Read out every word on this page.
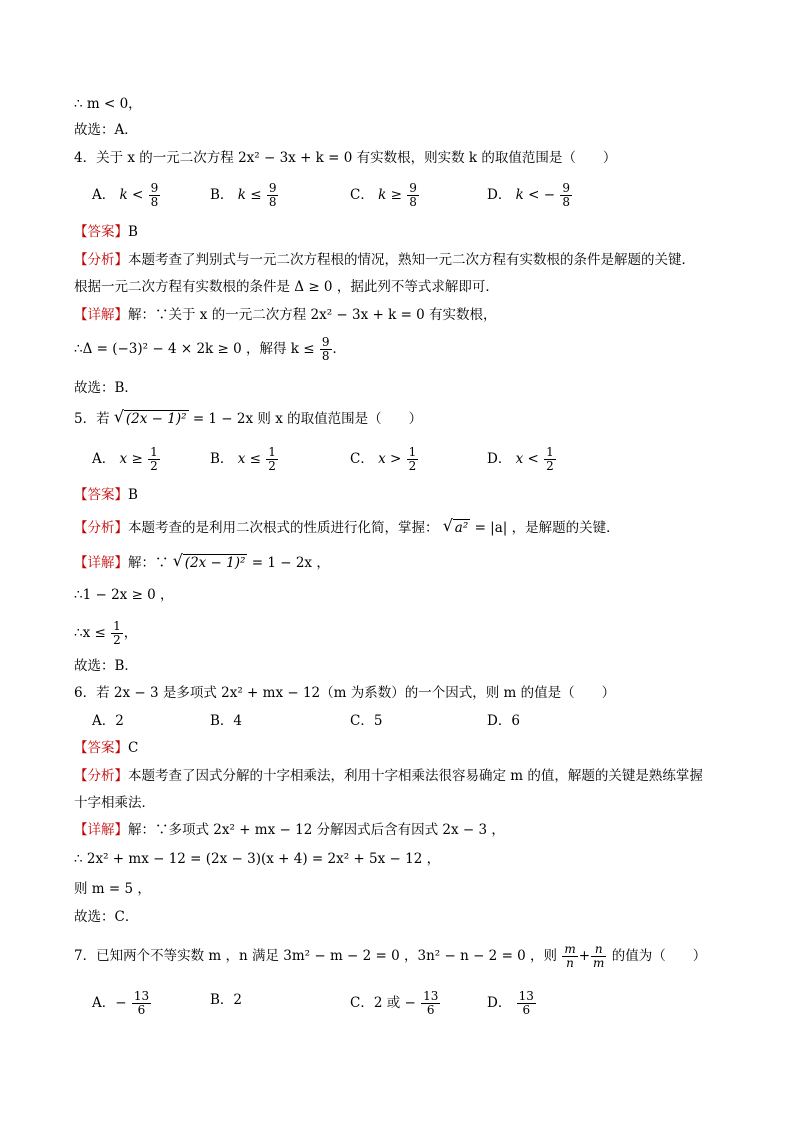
∴ m < 0，
故选：A．
4．关于 x 的一元二次方程 2x² − 3x + k = 0 有实数根，则实数 k 的取值范围是（　　）
A． $k < \frac{9}{8}$	B． $k \le \frac{9}{8}$	C． $k \ge \frac{9}{8}$	D． k < − $\frac{9}{8}$
【答案】B
【分析】本题考查了判别式与一元二次方程根的情况，熟知一元二次方程有实数根的条件是解题的关键．
根据一元二次方程有实数根的条件是 Δ ≥ 0 ，据此列不等式求解即可．
【详解】解：∵关于 x 的一元二次方程 2x² − 3x + k = 0 有实数根，
∴Δ = (−3)² − 4 × 2k ≥ 0 ，解得 $k \le \frac{9}{8}$ ．
故选：B．
5．若 √ (2x − 1)² = 1 − 2x 则 x 的取值范围是（　　）
A． $x \ge \frac{1}{2}$	B． $x \le \frac{1}{2}$	C． $x > \frac{1}{2}$	D． $x < \frac{1}{2}$
【答案】B
【分析】本题考查的是利用二次根式的性质进行化简，掌握： √ a² = |a| ，是解题的关键．
【详解】解：∵ √ (2x − 1)² = 1 − 2x ，
∴1 − 2x ≥ 0 ，
∴x ≤ $\frac{1}{2}$ ，
故选：B．
6．若 2x − 3 是多项式 2x² + mx − 12（m 为系数）的一个因式，则 m 的值是（　　）
A．2	B．4	C．5	D．6
【答案】C
【分析】本题考查了因式分解的十字相乘法，利用十字相乘法很容易确定 m 的值，解题的关键是熟练掌握
十字相乘法．
【详解】解：∵多项式 2x² + mx − 12 分解因式后含有因式 2x − 3 ，
∴ 2x² + mx − 12 = (2x − 3)(x + 4) = 2x² + 5x − 12 ，
则 m = 5 ，
故选：C．
7．已知两个不等实数 m ，n 满足 3m² − m − 2 = 0 ，3n² − n − 2 = 0 ，则 $\frac{m}{n} + \frac{n}{m}$ 的值为（　　）
A．− $\frac{13}{6}$	B．2	C．2 或 − $\frac{13}{6}$	D． $\frac{13}{6}$
